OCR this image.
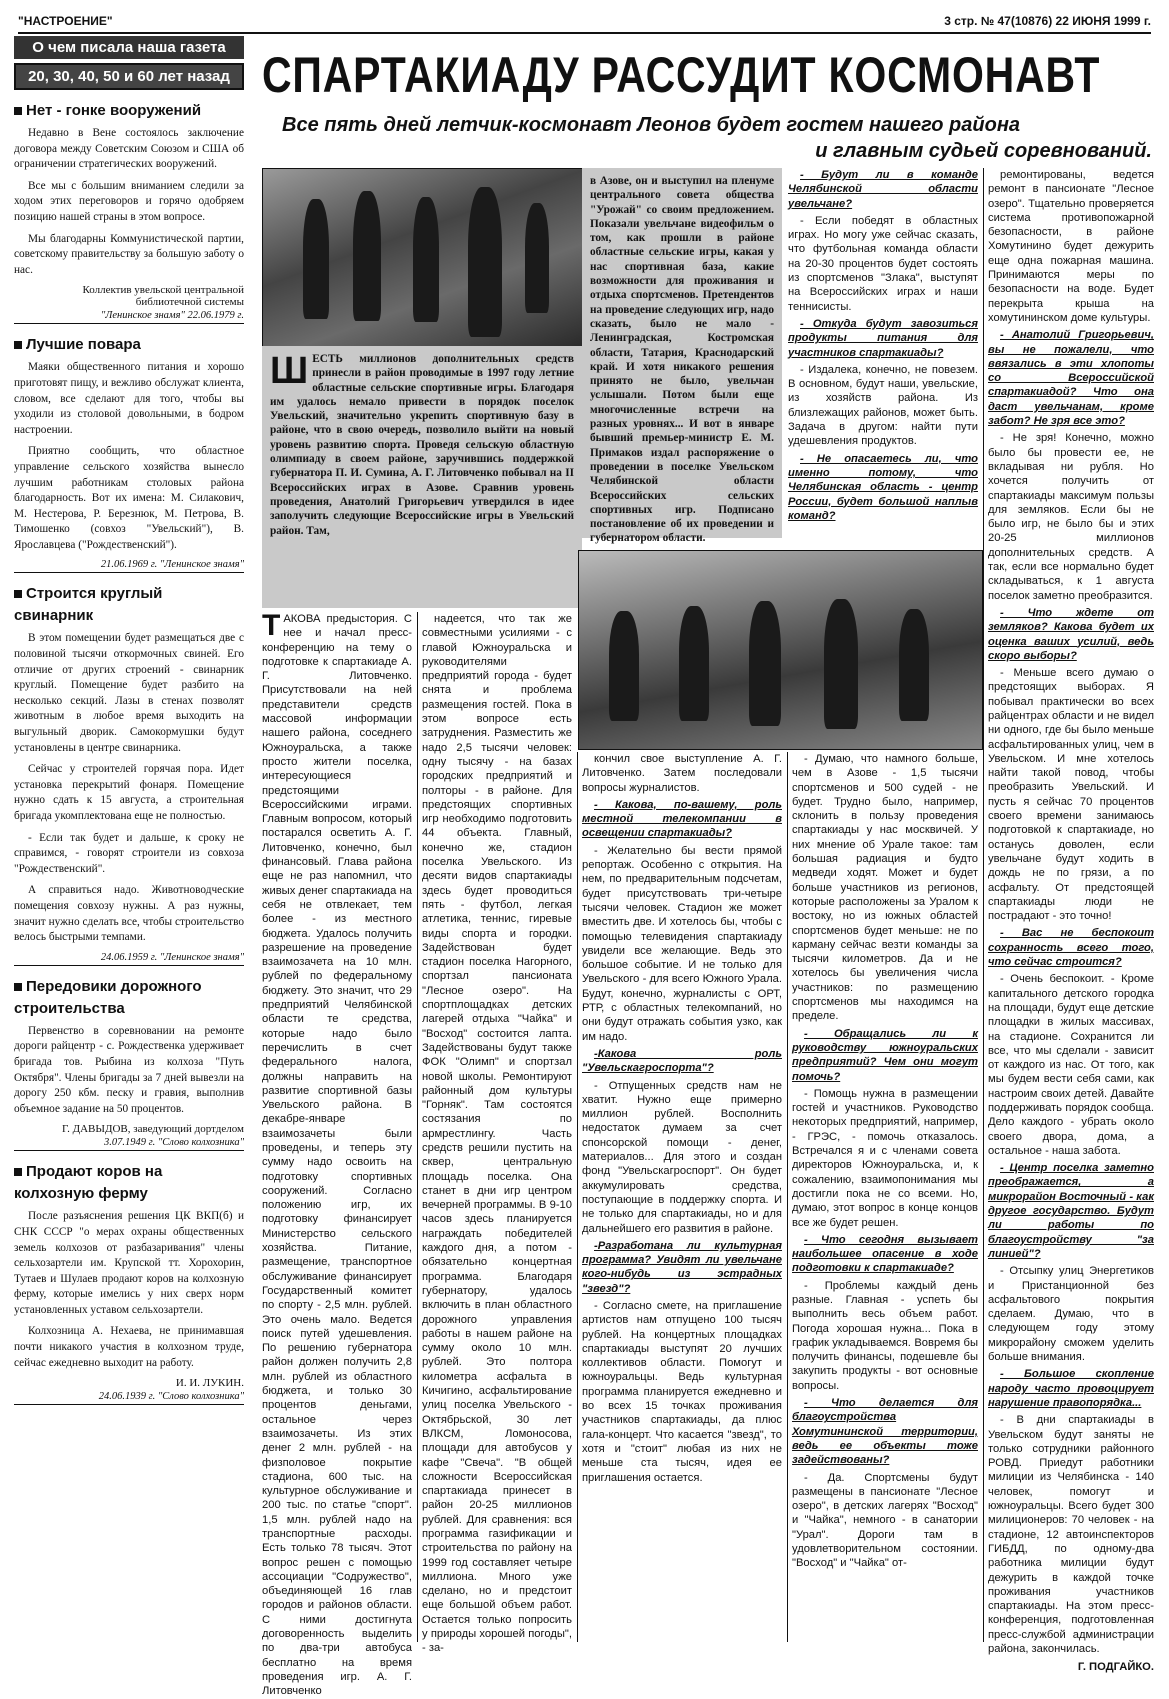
"НАСТРОЕНИЕ"	3 стр. № 47(10876) 22 ИЮНЯ 1999 г.
О чем писала наша газета
20, 30, 40, 50 и 60 лет назад
Нет - гонке вооружений

Недавно в Вене состоялось заключение договора между Советским Союзом и США об ограничении стратегических вооружений.

Все мы с большим вниманием следили за ходом этих переговоров и горячо одобряем позицию нашей страны в этом вопросе.

Мы благодарны Коммунистической партии, советскому правительству за большую заботу о нас.

Коллектив увельской центральной библиотечной системы
"Ленинское знамя" 22.06.1979 г.
Лучшие повара

Маяки общественного питания и хорошо приготовят пищу, и вежливо обслужат клиента, словом, все сделают для того, чтобы вы уходили из столовой довольными, в бодром настроении.

Приятно сообщить, что областное управление сельского хозяйства вынесло лучшим работникам столовых района благодарность. Вот их имена: М. Силакович, М. Нестерова, Р. Березнюк, М. Петрова, В. Тимошенко (совхоз "Увельский"), В. Ярославцева ("Рождественский").

21.06.1969 г. "Ленинское знамя"
Строится круглый свинарник

В этом помещении будет размещаться две с половиной тысячи откормочных свиней. Его отличие от других строений - свинарник круглый. Помещение будет разбито на несколько секций. Лазы в стенах позволят животным в любое время выходить на выгульный дворик. Самокормушки будут установлены в центре свинарника.

Сейчас у строителей горячая пора. Идет установка перекрытий фонаря. Помещение нужно сдать к 15 августа, а строительная бригада укомплектована еще не полностью.

- Если так будет и дальше, к сроку не справимся, - говорят строители из совхоза "Рождественский".

А справиться надо. Животноводческие помещения совхозу нужны. А раз нужны, значит нужно сделать все, чтобы строительство велось быстрыми темпами.

24.06.1959 г. "Ленинское знамя"
Передовики дорожного строительства

Первенство в соревновании на ремонте дороги райцентр - с. Рождественка удерживает бригада тов. Рыбина из колхоза "Путь Октября". Члены бригады за 7 дней вывезли на дорогу 250 кбм. песку и гравия, выполнив объемное задание на 50 процентов.

Г. ДАВЫДОВ, заведующий дортделом
3.07.1949 г. "Слово колхозника"
Продают коров на колхозную ферму

После разъяснения решения ЦК ВКП(б) и СНК СССР "о мерах охраны общественных земель колхозов от разбазаривания" члены сельхозартели им. Крупской тт. Хорохорин, Тутаев и Шулаев продают коров на колхозную ферму, которые имелись у них сверх норм установленных уставом сельхозартели.

Колхозница А. Нехаева, не принимавшая почти никакого участия в колхозном труде, сейчас ежедневно выходит на работу.

И. И. ЛУКИН.
24.06.1939 г. "Слово колхозника"
СПАРТАКИАДУ РАССУДИТ КОСМОНАВТ
Все пять дней летчик-космонавт Леонов будет гостем нашего района
и главным судьей соревнований.

ШЕСТЬ миллионов дополнительных средств принесли в район проводимые в 1997 году летние областные сельские спортивные игры. Благодаря им удалось немало привести в порядок поселок Увельский, значительно укрепить спортивную базу в районе, что в свою очередь, позволило выйти на новый уровень развитию спорта. Проведя сельскую областную олимпиаду в своем районе, заручившись поддержкой губернатора П. И. Сумина, А. Г. Литовченко побывал на II Всероссийских играх в Азове. Сравнив уровень проведения, Анатолий Григорьевич утвердился в идее заполучить следующие Всероссийские игры в Увельский район. Там,

в Азове, он и выступил на пленуме центрального совета общества "Урожай" со своим предложением. Показали увельчане видеофильм о том, как прошли в районе областные сельские игры, какая у нас спортивная база, какие возможности для проживания и отдыха спортсменов. Претендентов на проведение следующих игр, надо сказать, было не мало - Ленинградская, Костромская области, Татария, Краснодарский край. И хотя никакого решения принято не было, увельчан услышали. Потом были еще многочисленные встречи на разных уровнях... И вот в январе бывший премьер-министр Е. М. Примаков издал распоряжение о проведении в поселке Увельском Челябинской области Всероссийских сельских спортивных игр. Подписано постановление об их проведении и губернатором области.

ТАКОВА предыстория. С нее и начал пресс-конференцию на тему о подготовке к спартакиаде А. Г. Литовченко. Присутствовали на ней представители средств массовой информации нашего района, соседнего Южноуральска, а также просто жители поселка, интересующиеся предстоящими Всероссийскими играми. Главным вопросом, который постарался осветить А. Г. Литовченко, конечно, был финансовый. Глава района еще не раз напомнил, что живых денег спартакиада на себя не отвлекает, тем более - из местного бюджета. Удалось получить разрешение на проведение взаимозачета на 10 млн. рублей по федеральному бюджету. Это значит, что 29 предприятий Челябинской области те средства, которые надо было перечислить в счет федерального налога, должны направить на развитие спортивной базы Увельского района. В декабре-январе взаимозачеты были проведены, и теперь эту сумму надо освоить на подготовку спортивных сооружений. Согласно положению игр, их подготовку финансирует Министерство сельского хозяйства. Питание, размещение, транспортное обслуживание финансирует Государственный комитет по спорту - 2,5 млн. рублей. Это очень мало. Ведется поиск путей удешевления. По решению губернатора район должен получить 2,8 млн. рублей из областного бюджета, и только 30 процентов деньгами, остальное через взаимозачеты. Из этих денег 2 млн. рублей - на физполовое покрытие стадиона, 600 тыс. на культурное обслуживание и 200 тыс. по статье "спорт". 1,5 млн. рублей надо на транспортные расходы. Есть только 78 тысяч. Этот вопрос решен с помощью ассоциации "Содружество", объединяющей 16 глав городов и районов области. С ними достигнута договоренность выделить по два-три автобуса бесплатно на время проведения игр. А. Г. Литовченко

надеется, что так же совместными усилиями - с главой Южноуральска и руководителями предприятий города - будет снята и проблема размещения гостей. Пока в этом вопросе есть затруднения. Разместить же надо 2,5 тысячи человек: одну тысячу - на базах городских предприятий и полторы - в районе. Для предстоящих спортивных игр необходимо подготовить 44 объекта. Главный, конечно же, стадион поселка Увельского. Из десяти видов спартакиады здесь будет проводиться пять - футбол, легкая атлетика, теннис, гиревые виды спорта и городки. Задействован будет стадион поселка Нагорного, спортзал пансионата "Лесное озеро". На спортплощадках детских лагерей отдыха "Чайка" и "Восход" состоится лапта. Задействованы будут также ФОК "Олимп" и спортзал новой школы. Ремонтируют районный дом культуры "Горняк". Там состоятся состязания по армрестлингу. Часть средств решили пустить на сквер, центральную площадь поселка. Она станет в дни игр центром вечерней программы. В 9-10 часов здесь планируется награждать победителей каждого дня, а потом - обязательно концертная программа. Благодаря губернатору, удалось включить в план областного дорожного управления работы в нашем районе на сумму около 10 млн. рублей. Это полтора километра асфальта в Кичигино, асфальтирование улиц поселка Увельского - Октябрьской, 30 лет ВЛКСМ, Ломоносова, площади для автобусов у кафе "Свеча". "В общей сложности Всероссийская спартакиада принесет в район 20-25 миллионов рублей. Для сравнения: вся программа газификации и строительства по району на 1999 год составляет четыре миллиона. Много уже сделано, но и предстоит еще большой объем работ. Остается только попросить у природы хорошей погоды", - за-

кончил свое выступление А. Г. Литовченко. Затем последовали вопросы журналистов.

- Какова, по-вашему, роль местной телекомпании в освещении спартакиады?

- Желательно бы вести прямой репортаж. Особенно с открытия. На нем, по предварительным подсчетам, будет присутствовать три-четыре тысячи человек. Стадион же может вместить две. И хотелось бы, чтобы с помощью телевидения спартакиаду увидели все желающие. Ведь это большое событие. И не только для Увельского - для всего Южного Урала. Будут, конечно, журналисты с ОРТ, РТР, с областных телекомпаний, но они будут отражать события узко, как им надо.

-Какова роль "Увельскагроспорта"?

- Отпущенных средств нам не хватит. Нужно еще примерно миллион рублей. Восполнить недостаток думаем за счет спонсорской помощи - денег, материалов... Для этого и создан фонд "Увельскагроспорт". Он будет аккумулировать средства, поступающие в поддержку спорта. И не только для спартакиады, но и для дальнейшего его развития в районе.

-Разработана ли культурная программа? Увидят ли увельчане кого-нибудь из эстрадных "звезд"?

- Согласно смете, на приглашение артистов нам отпущено 100 тысяч рублей. На концертных площадках спартакиады выступят 20 лучших коллективов области. Помогут и южноуральцы. Ведь культурная программа планируется ежедневно и во всех 15 точках проживания участников спартакиады, да плюс гала-концерт. Что касается "звезд", то хотя и "стоит" любая из них не меньше ста тысяч, идея ее приглашения остается.

- Думаю, что намного больше, чем в Азове - 1,5 тысячи спортсменов и 500 судей - не будет. Трудно было, например, склонить в пользу проведения спартакиады у нас москвичей. У них мнение об Урале такое: там большая радиация и будто медведи ходят. Может и будет больше участников из регионов, которые расположены за Уралом к востоку, но из южных областей спортсменов будет меньше: не по карману сейчас везти команды за тысячи километров. Да и не хотелось бы увеличения числа участников: по размещению спортсменов мы находимся на пределе.

- Обращались ли к руководству южноуральских предприятий? Чем они могут помочь?

- Помощь нужна в размещении гостей и участников. Руководство некоторых предприятий, например, - ГРЭС, - помочь отказалось. Встречался я и с членами совета директоров Южноуральска, и, к сожалению, взаимопонимания мы достигли пока не со всеми. Но, думаю, этот вопрос в конце концов все же будет решен.

- Что сегодня вызывает наибольшее опасение в ходе подготовки к спартакиаде?

- Проблемы каждый день разные. Главная - успеть бы выполнить весь объем работ. Погода хорошая нужна... Пока в график укладываемся. Вовремя бы получить финансы, подешевле бы закупить продукты - вот основные вопросы.

- Что делается для благоустройства Хомутининской территории, ведь ее объекты тоже задействованы?

- Да. Спортсмены будут размещены в пансионате "Лесное озеро", в детских лагерях "Восход" и "Чайка", немного - в санатории "Урал". Дороги там в удовлетворительном состоянии. "Восход" и "Чайка" от-

- Будут ли в команде Челябинской области увельчане?

- Если победят в областных играх. Но могу уже сейчас сказать, что футбольная команда области на 20-30 процентов будет состоять из спортсменов "Злака", выступят на Всероссийских играх и наши теннисисты.

- Откуда будут завозиться продукты питания для участников спартакиады?

- Издалека, конечно, не повезем. В основном, будут наши, увельские, из хозяйств района. Из близлежащих районов, может быть. Задача в другом: найти пути удешевления продуктов.

- Не опасаетесь ли, что именно потому, что Челябинская область - центр России, будет большой наплыв команд?

ремонтированы, ведется ремонт в пансионате "Лесное озеро". Тщательно проверяется система противопожарной безопасности, в районе Хомутинино будет дежурить еще одна пожарная машина. Принимаются меры по безопасности на воде. Будет перекрыта крыша на хомутининском доме культуры.

- Анатолий Григорьевич, вы не пожалели, что ввязались в эти хлопоты со Всероссийской спартакиадой? Что она даст увельчанам, кроме забот? Не зря все это?

- Не зря! Конечно, можно было бы провести ее, не вкладывая ни рубля. Но хочется получить от спартакиады максимум пользы для земляков. Если бы не было игр, не было бы и этих 20-25 миллионов дополнительных средств. А так, если все нормально будет складываться, к 1 августа поселок заметно преобразится.

- Что ждете от земляков? Какова будет их оценка ваших усилий, ведь скоро выборы?

- Меньше всего думаю о предстоящих выборах. Я побывал практически во всех райцентрах области и не видел ни одного, где бы было меньше асфальтированных улиц, чем в Увельском. И мне хотелось найти такой повод, чтобы преобразить Увельский. И пусть я сейчас 70 процентов своего времени занимаюсь подготовкой к спартакиаде, но останусь доволен, если увельчане будут ходить в дождь не по грязи, а по асфальту. От предстоящей спартакиады люди не пострадают - это точно!

- Вас не беспокоит сохранность всего того, что сейчас строится?

- Очень беспокоит. - Кроме капитального детского городка на площади, будут еще детские площадки в жилых массивах, на стадионе. Сохранится ли все, что мы сделали - зависит от каждого из нас. От того, как мы будем вести себя сами, как настроим своих детей. Давайте поддерживать порядок сообща. Дело каждого - убрать около своего двора, дома, а остальное - наша забота.

- Центр поселка заметно преображается, а микрорайон Восточный - как другое государство. Будут ли работы по благоустройству "за линией"?

- Отсыпку улиц Энергетиков и Пристанционной без асфальтового покрытия сделаем. Думаю, что в следующем году этому микрорайону сможем уделить больше внимания.

- Большое скопление народу часто провоцирует нарушение правопорядка...

- В дни спартакиады в Увельском будут заняты не только сотрудники районного РОВД. Приедут работники милиции из Челябинска - 140 человек, помогут и южноуральцы. Всего будет 300 милиционеров: 70 человек - на стадионе, 12 автоинспекторов ГИБДД, по одному-два работника милиции будут дежурить в каждой точке проживания участников спартакиады. На этом пресс-конференция, подготовленная пресс-службой администрации района, закончилась.

Г. ПОДГАЙКО.
